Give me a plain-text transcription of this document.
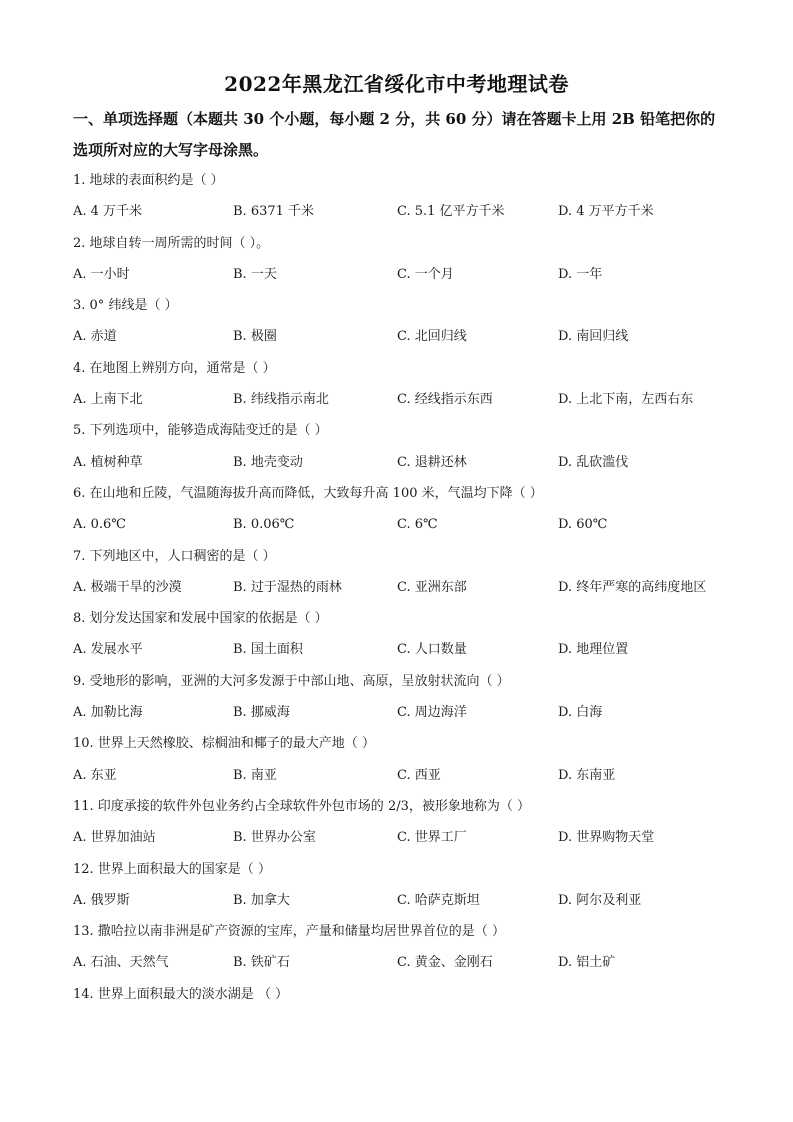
2022年黑龙江省绥化市中考地理试卷
一、单项选择题（本题共 30 个小题，每小题 2 分，共 60 分）请在答题卡上用 2B 铅笔把你的
选项所对应的大写字母涂黑。
1. 地球的表面积约是（ ）
A. 4 万千米	B. 6371 千米	C. 5.1 亿平方千米	D. 4 万平方千米
2. 地球自转一周所需的时间（ ）。
A. 一小时	B. 一天	C. 一个月	D. 一年
3. 0° 纬线是（ ）
A. 赤道	B. 极圈	C. 北回归线	D. 南回归线
4. 在地图上辨别方向，通常是（ ）
A. 上南下北	B. 纬线指示南北	C. 经线指示东西	D. 上北下南，左西右东
5. 下列选项中，能够造成海陆变迁的是（ ）
A. 植树种草	B. 地壳变动	C. 退耕还林	D. 乱砍滥伐
6. 在山地和丘陵，气温随海拔升高而降低，大致每升高 100 米，气温均下降（ ）
A. 0.6℃	B. 0.06℃	C. 6℃	D. 60℃
7. 下列地区中，人口稠密的是（ ）
A. 极端干旱的沙漠	B. 过于湿热的雨林	C. 亚洲东部	D. 终年严寒的高纬度地区
8. 划分发达国家和发展中国家的依据是（ ）
A. 发展水平	B. 国土面积	C. 人口数量	D. 地理位置
9. 受地形的影响，亚洲的大河多发源于中部山地、高原，呈放射状流向（ ）
A. 加勒比海	B. 挪威海	C. 周边海洋	D. 白海
10. 世界上天然橡胶、棕榈油和椰子的最大产地（ ）
A. 东亚	B. 南亚	C. 西亚	D. 东南亚
11. 印度承接的软件外包业务约占全球软件外包市场的 2/3，被形象地称为（ ）
A. 世界加油站	B. 世界办公室	C. 世界工厂	D. 世界购物天堂
12. 世界上面积最大的国家是（ ）
A. 俄罗斯	B. 加拿大	C. 哈萨克斯坦	D. 阿尔及利亚
13. 撒哈拉以南非洲是矿产资源的宝库，产量和储量均居世界首位的是（ ）
A. 石油、天然气	B. 铁矿石	C. 黄金、金刚石	D. 铝土矿
14. 世界上面积最大的淡水湖是 （ ）
